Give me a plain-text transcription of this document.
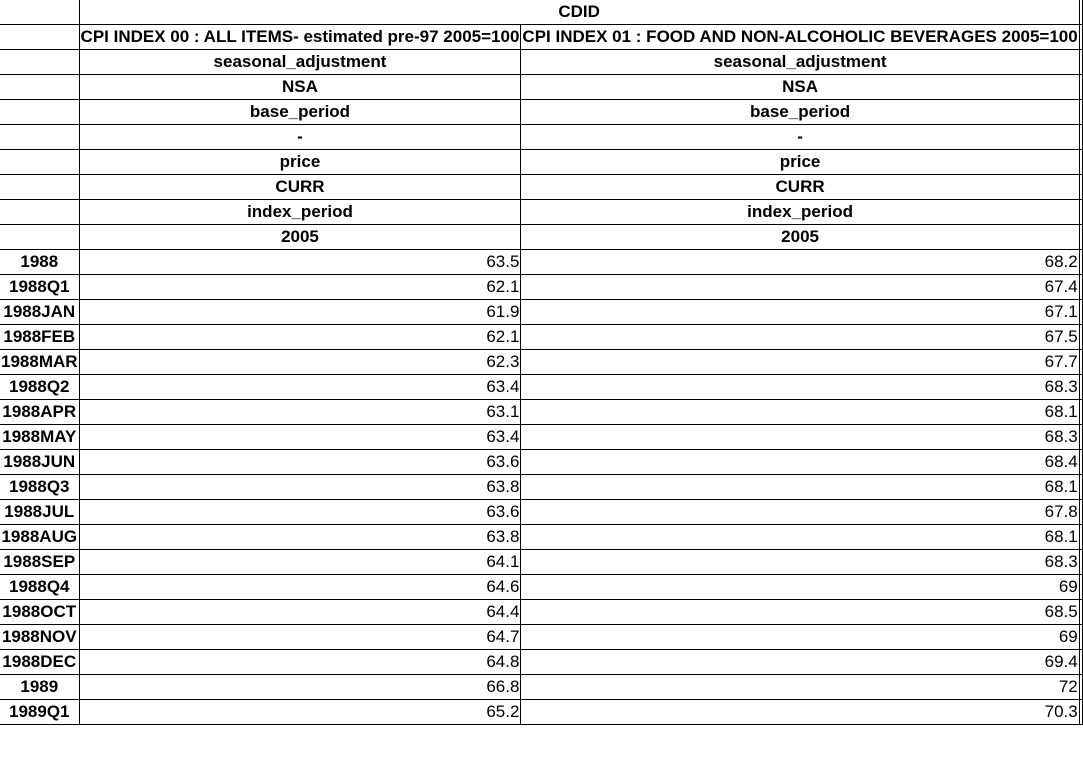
	CDID		
	CPI INDEX 00 : ALL ITEMS- estimated pre-97 2005=100	CPI INDEX 01 : FOOD AND NON-ALCOHOLIC BEVERAGES 2005=100	
	seasonal_adjustment	seasonal_adjustment	
	NSA	NSA	
	base_period	base_period	
	-	-	
	price	price	
	CURR	CURR	
	index_period	index_period	
	2005	2005	
1988	63.5	68.2	
1988Q1	62.1	67.4	
1988JAN	61.9	67.1	
1988FEB	62.1	67.5	
1988MAR	62.3	67.7	
1988Q2	63.4	68.3	
1988APR	63.1	68.1	
1988MAY	63.4	68.3	
1988JUN	63.6	68.4	
1988Q3	63.8	68.1	
1988JUL	63.6	67.8	
1988AUG	63.8	68.1	
1988SEP	64.1	68.3	
1988Q4	64.6	69	
1988OCT	64.4	68.5	
1988NOV	64.7	69	
1988DEC	64.8	69.4	
1989	66.8	72	
1989Q1	65.2	70.3	
